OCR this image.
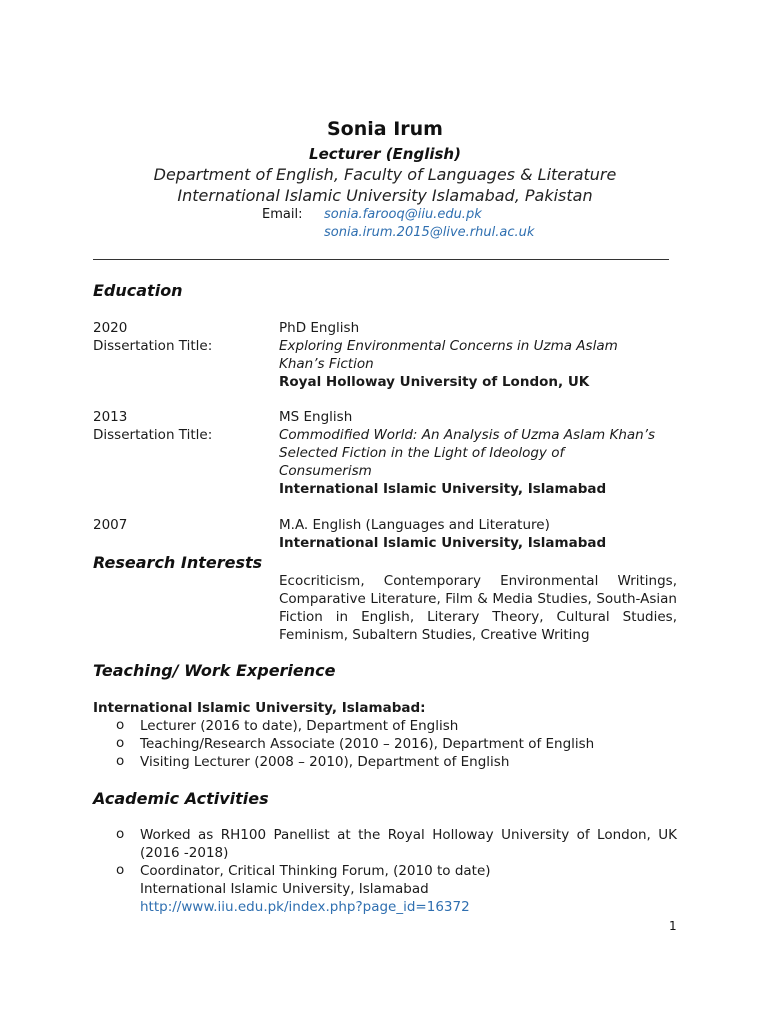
Sonia Irum
Lecturer (English)
Department of English, Faculty of Languages & Literature
International Islamic University Islamabad, Pakistan
Email: sonia.farooq@iiu.edu.pk
sonia.irum.2015@live.rhul.ac.uk
Education
2020
Dissertation Title:
PhD English
Exploring Environmental Concerns in Uzma Aslam Khan’s Fiction
Royal Holloway University of London, UK
2013
Dissertation Title:
MS English
Commodified World: An Analysis of Uzma Aslam Khan’s Selected Fiction in the Light of Ideology of Consumerism
International Islamic University, Islamabad
2007	M.A. English (Languages and Literature)
International Islamic University, Islamabad
Research Interests
Ecocriticism, Contemporary Environmental Writings, Comparative Literature, Film & Media Studies, South-Asian Fiction in English, Literary Theory, Cultural Studies, Feminism, Subaltern Studies, Creative Writing
Teaching/ Work Experience
International Islamic University, Islamabad:
o Lecturer (2016 to date), Department of English
o Teaching/Research Associate (2010 – 2016), Department of English
o Visiting Lecturer (2008 – 2010), Department of English
Academic Activities
o Worked as RH100 Panellist at the Royal Holloway University of London, UK (2016 -2018)
o Coordinator, Critical Thinking Forum, (2010 to date)
International Islamic University, Islamabad
http://www.iiu.edu.pk/index.php?page_id=16372
1
